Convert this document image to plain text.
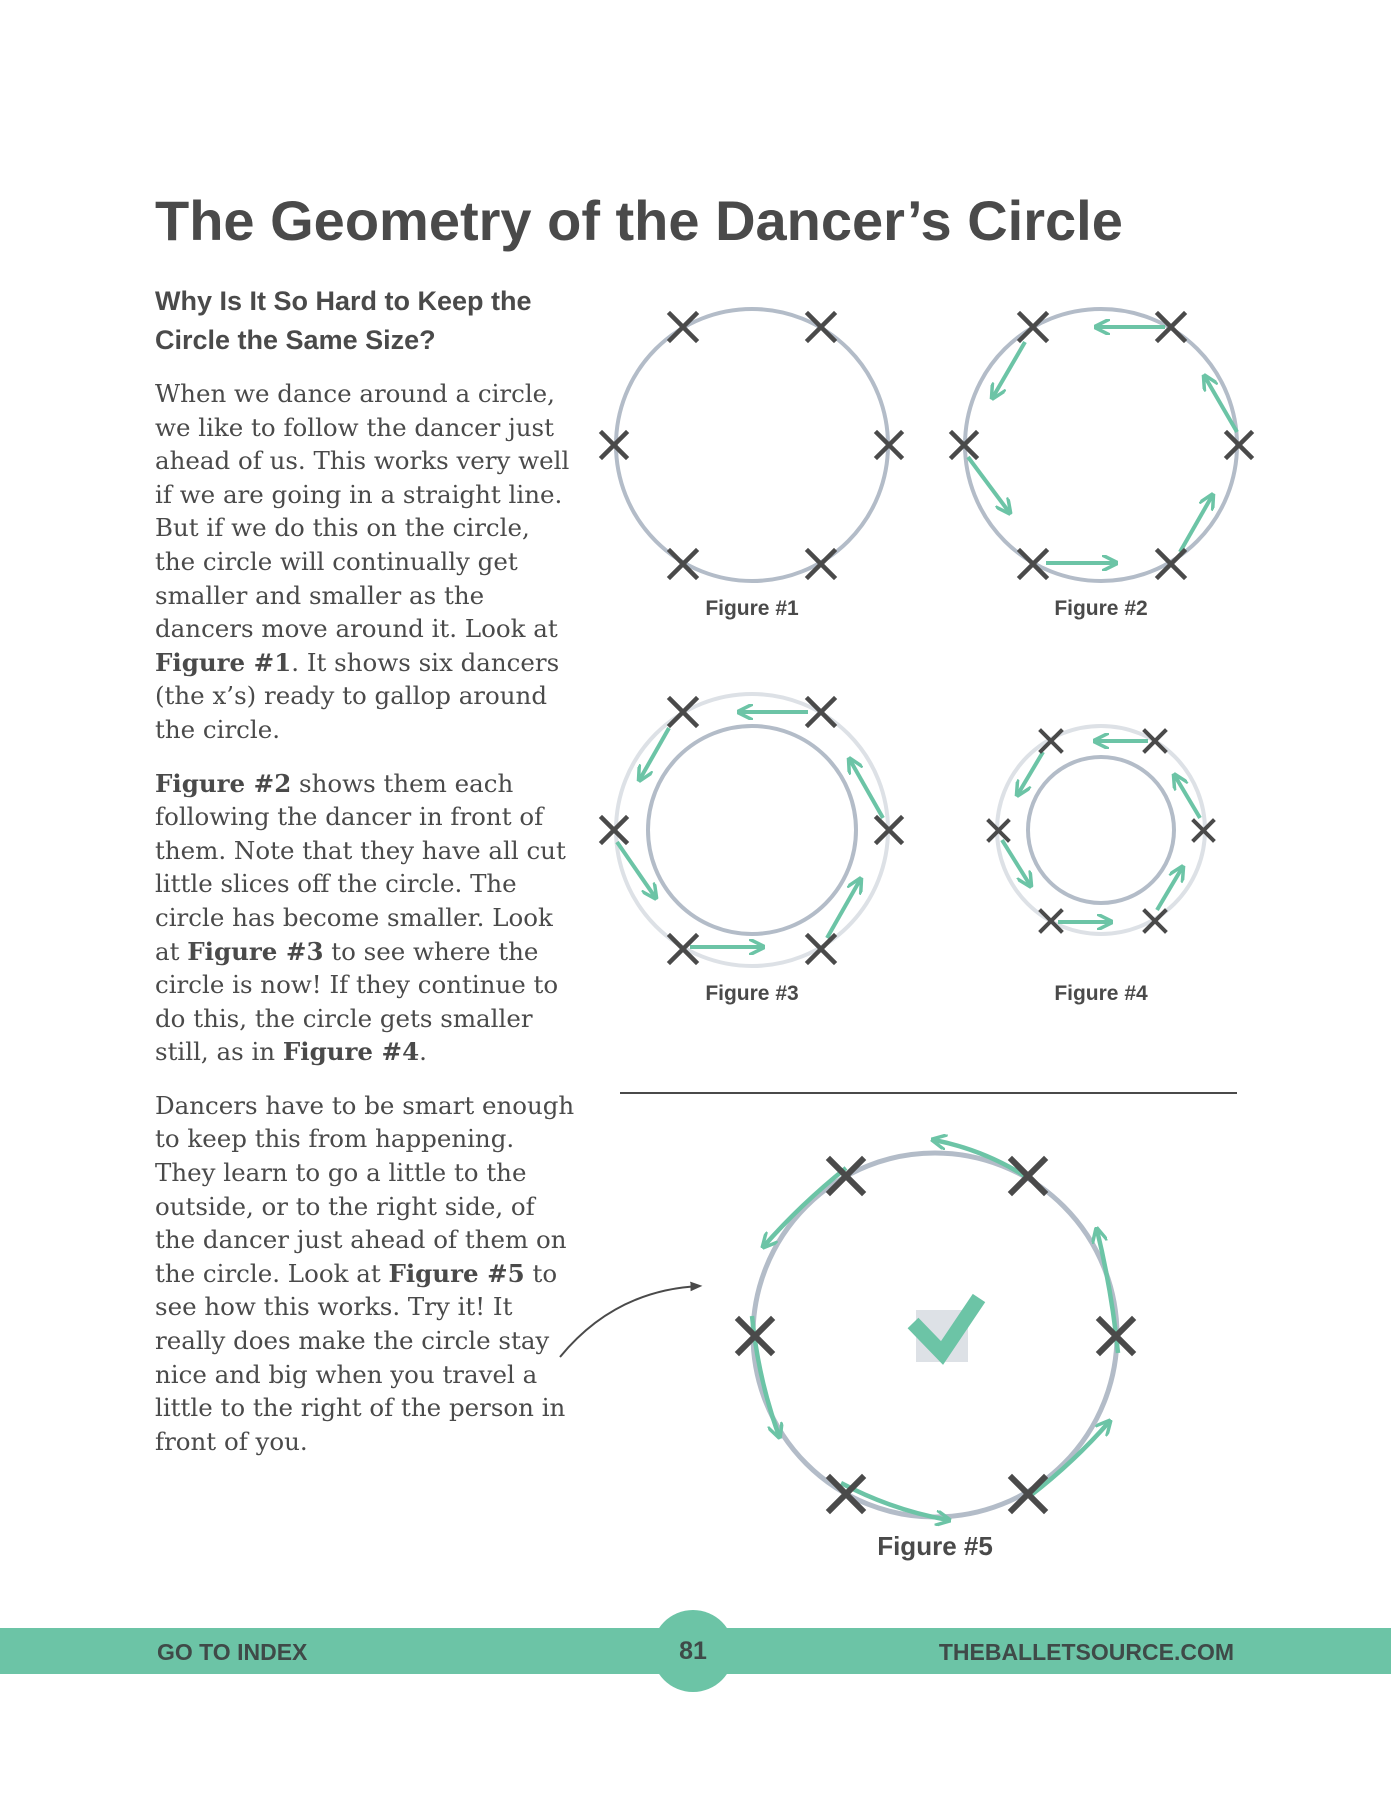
The Geometry of the Dancer’s Circle
Why Is It So Hard to Keep the Circle the Same Size?

When we dance around a circle, we like to follow the dancer just ahead of us. This works very well if we are going in a straight line. But if we do this on the circle, the circle will continually get smaller and smaller as the dancers move around it. Look at Figure #1. It shows six dancers (the x’s) ready to gallop around the circle.

Figure #2 shows them each following the dancer in front of them. Note that they have all cut little slices off the circle. The circle has become smaller. Look at Figure #3 to see where the circle is now! If they continue to do this, the circle gets smaller still, as in Figure #4.

Dancers have to be smart enough to keep this from happening. They learn to go a little to the outside, or to the right side, of the dancer just ahead of them on the circle. Look at Figure #5 to see how this works. Try it! It really does make the circle stay nice and big when you travel a little to the right of the person in front of you.

Figure #1	Figure #2
Figure #3	Figure #4
Figure #5
GO TO INDEX	81	THEBALLETSOURCE.COM
